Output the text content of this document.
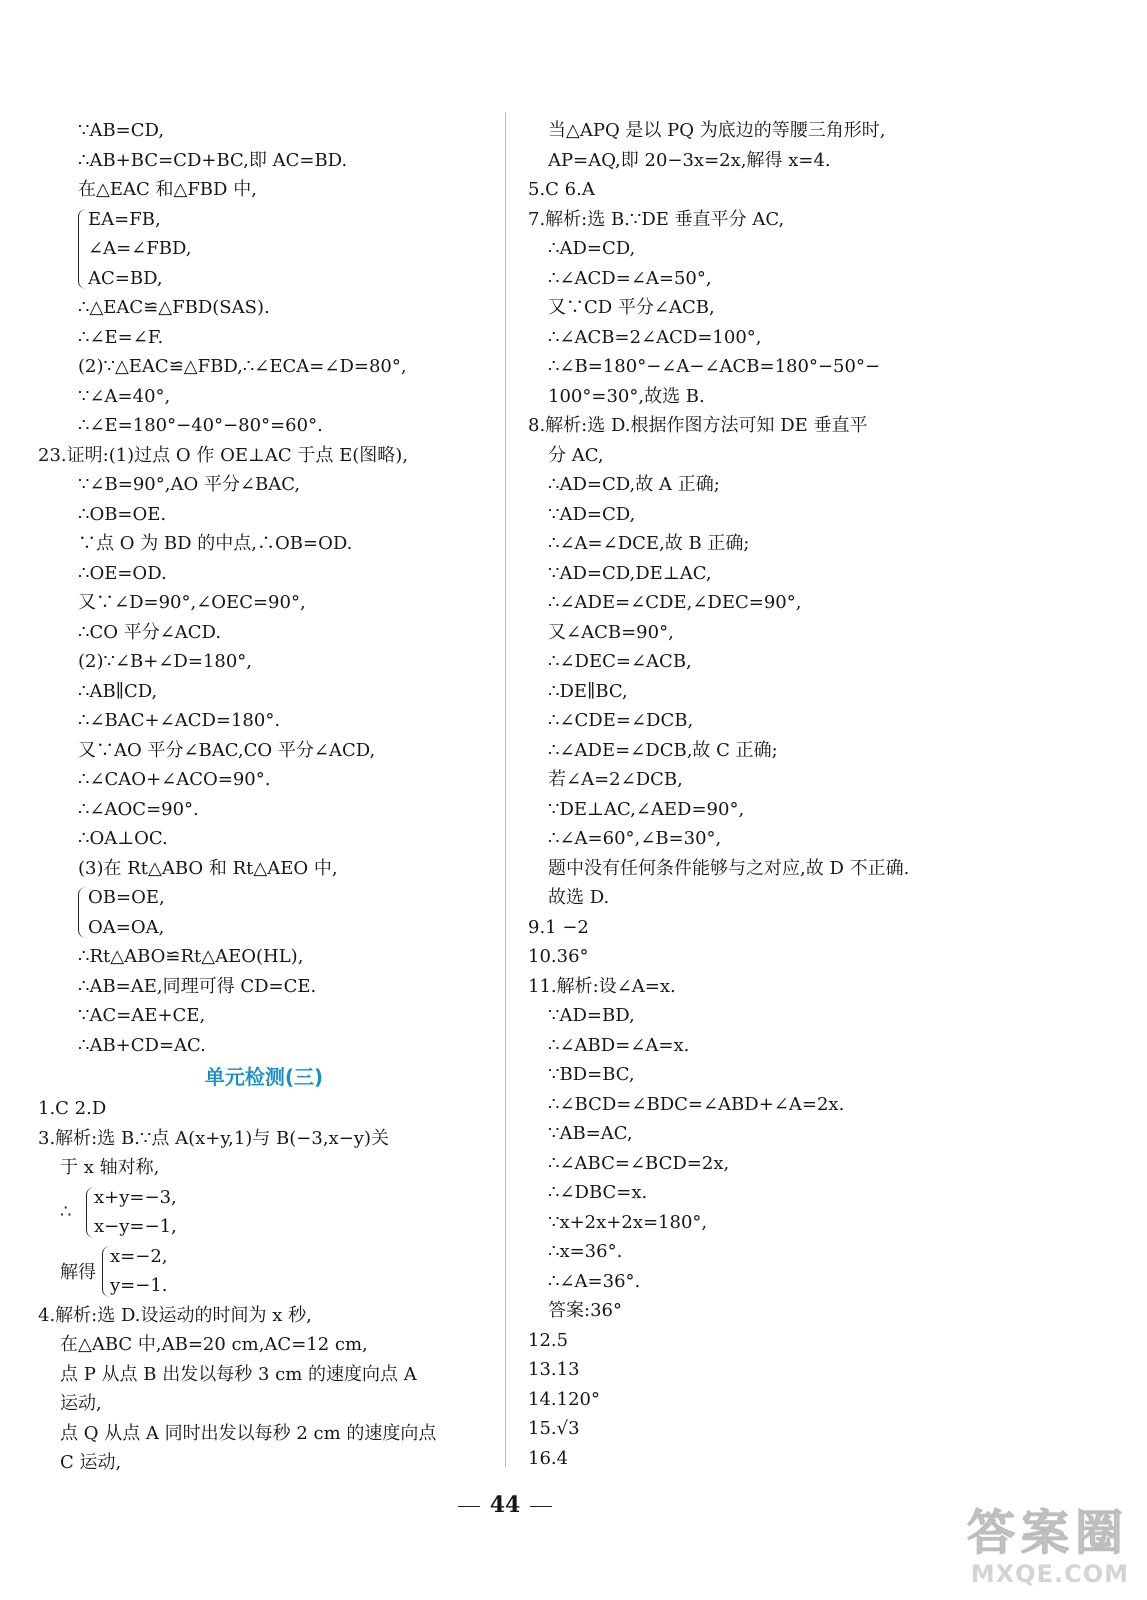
∵AB=CD,
∴AB+BC=CD+BC,即 AC=BD.
在△EAC 和△FBD 中,
EA=FB,
∠A=∠FBD,
AC=BD,
∴△EAC≌△FBD(SAS).
∴∠E=∠F.
(2)∵△EAC≌△FBD,∴∠ECA=∠D=80°,
∵∠A=40°,
∴∠E=180°−40°−80°=60°.
23.证明:(1)过点 O 作 OE⊥AC 于点 E(图略),
∵∠B=90°,AO 平分∠BAC,
∴OB=OE.
∵点 O 为 BD 的中点,∴OB=OD.
∴OE=OD.
又∵∠D=90°,∠OEC=90°,
∴CO 平分∠ACD.
(2)∵∠B+∠D=180°,
∴AB∥CD,
∴∠BAC+∠ACD=180°.
又∵AO 平分∠BAC,CO 平分∠ACD,
∴∠CAO+∠ACO=90°.
∴∠AOC=90°.
∴OA⊥OC.
(3)在 Rt△ABO 和 Rt△AEO 中,
OB=OE,
OA=OA,
∴Rt△ABO≌Rt△AEO(HL),
∴AB=AE,同理可得 CD=CE.
∵AC=AE+CE,
∴AB+CD=AC.
单元检测(三)
1.C 2.D
3.解析:选 B.∵点 A(x+y,1)与 B(−3,x−y)关
于 x 轴对称,
∴
x+y=−3,
x−y=−1,
解得
x=−2,
y=−1.
4.解析:选 D.设运动的时间为 x 秒,
在△ABC 中,AB=20 cm,AC=12 cm,
点 P 从点 B 出发以每秒 3 cm 的速度向点 A
运动,
点 Q 从点 A 同时出发以每秒 2 cm 的速度向点
C 运动,
当△APQ 是以 PQ 为底边的等腰三角形时,
AP=AQ,即 20−3x=2x,解得 x=4.
5.C 6.A
7.解析:选 B.∵DE 垂直平分 AC,
∴AD=CD,
∴∠ACD=∠A=50°,
又∵CD 平分∠ACB,
∴∠ACB=2∠ACD=100°,
∴∠B=180°−∠A−∠ACB=180°−50°−
100°=30°,故选 B.
8.解析:选 D.根据作图方法可知 DE 垂直平
分 AC,
∴AD=CD,故 A 正确;
∵AD=CD,
∴∠A=∠DCE,故 B 正确;
∵AD=CD,DE⊥AC,
∴∠ADE=∠CDE,∠DEC=90°,
又∠ACB=90°,
∴∠DEC=∠ACB,
∴DE∥BC,
∴∠CDE=∠DCB,
∴∠ADE=∠DCB,故 C 正确;
若∠A=2∠DCB,
∵DE⊥AC,∠AED=90°,
∴∠A=60°,∠B=30°,
题中没有任何条件能够与之对应,故 D 不正确.
故选 D.
9.1 −2
10.36°
11.解析:设∠A=x.
∵AD=BD,
∴∠ABD=∠A=x.
∵BD=BC,
∴∠BCD=∠BDC=∠ABD+∠A=2x.
∵AB=AC,
∴∠ABC=∠BCD=2x,
∴∠DBC=x.
∵x+2x+2x=180°,
∴x=36°.
∴∠A=36°.
答案:36°
12.5
13.13
14.120°
15.√3
16.4
44	答案圈
MXQE.COM
